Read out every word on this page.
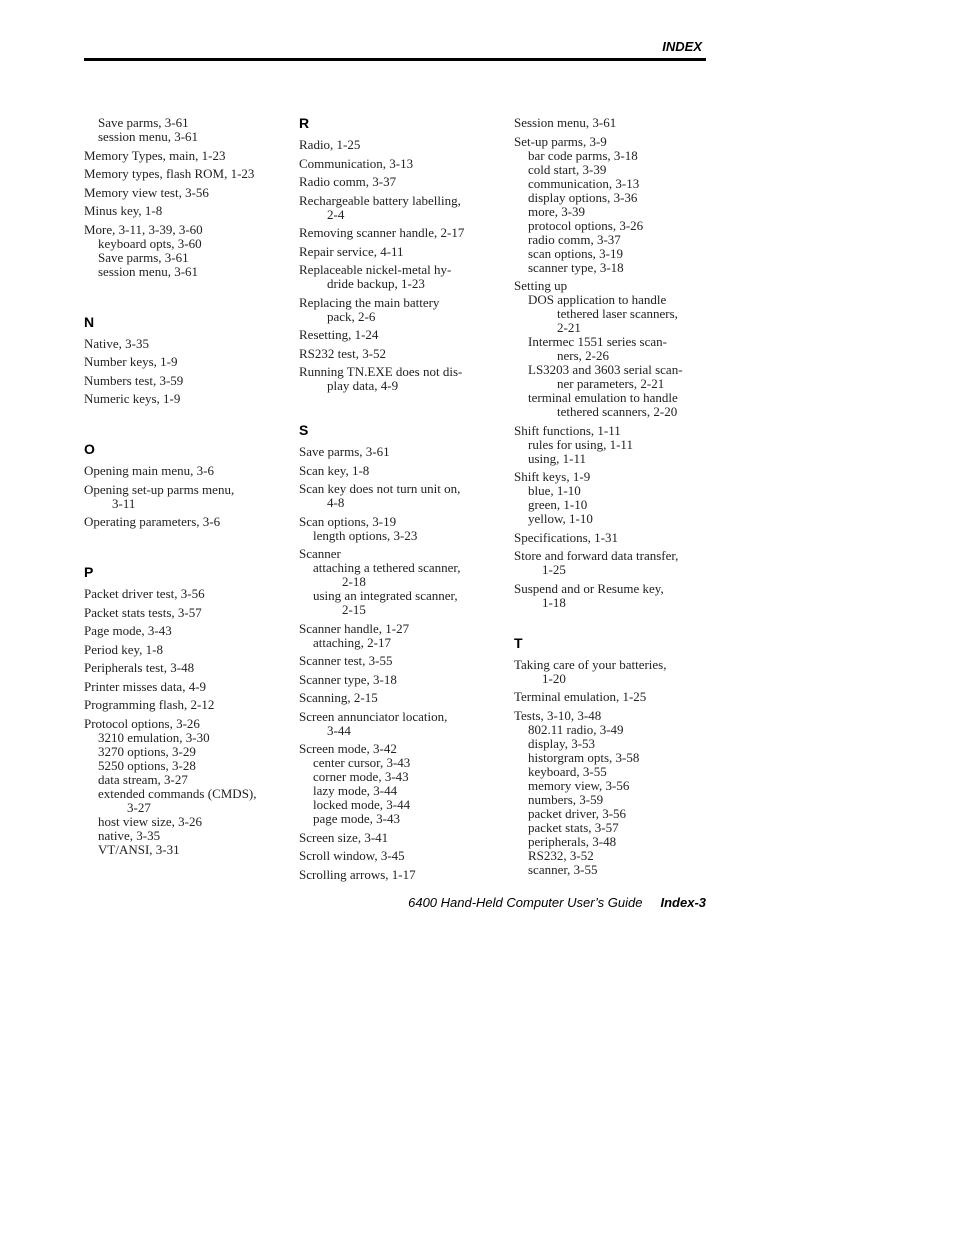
INDEX
Save parms, 3-61
session menu, 3-61
Memory Types, main, 1-23
Memory types, flash ROM, 1-23
Memory view test, 3-56
Minus key, 1-8
More, 3-11, 3-39, 3-60
keyboard opts, 3-60
Save parms, 3-61
session menu, 3-61
N
Native, 3-35
Number keys, 1-9
Numbers test, 3-59
Numeric keys, 1-9
O
Opening main menu, 3-6
Opening set-up parms menu,
3-11
Operating parameters, 3-6
P
Packet driver test, 3-56
Packet stats tests, 3-57
Page mode, 3-43
Period key, 1-8
Peripherals test, 3-48
Printer misses data, 4-9
Programming flash, 2-12
Protocol options, 3-26
3210 emulation, 3-30
3270 options, 3-29
5250 options, 3-28
data stream, 3-27
extended commands (CMDS),
3-27
host view size, 3-26
native, 3-35
VT/ANSI, 3-31
R
Radio, 1-25
Communication, 3-13
Radio comm, 3-37
Rechargeable battery labelling,
2-4
Removing scanner handle, 2-17
Repair service, 4-11
Replaceable nickel-metal hy-
dride backup, 1-23
Replacing the main battery
pack, 2-6
Resetting, 1-24
RS232 test, 3-52
Running TN.EXE does not dis-
play data, 4-9
S
Save parms, 3-61
Scan key, 1-8
Scan key does not turn unit on,
4-8
Scan options, 3-19
length options, 3-23
Scanner
attaching a tethered scanner,
2-18
using an integrated scanner,
2-15
Scanner handle, 1-27
attaching, 2-17
Scanner test, 3-55
Scanner type, 3-18
Scanning, 2-15
Screen annunciator location,
3-44
Screen mode, 3-42
center cursor, 3-43
corner mode, 3-43
lazy mode, 3-44
locked mode, 3-44
page mode, 3-43
Screen size, 3-41
Scroll window, 3-45
Scrolling arrows, 1-17
Session menu, 3-61
Set-up parms, 3-9
bar code parms, 3-18
cold start, 3-39
communication, 3-13
display options, 3-36
more, 3-39
protocol options, 3-26
radio comm, 3-37
scan options, 3-19
scanner type, 3-18
Setting up
DOS application to handle
tethered laser scanners,
2-21
Intermec 1551 series scan-
ners, 2-26
LS3203 and 3603 serial scan-
ner parameters, 2-21
terminal emulation to handle
tethered scanners, 2-20
Shift functions, 1-11
rules for using, 1-11
using, 1-11
Shift keys, 1-9
blue, 1-10
green, 1-10
yellow, 1-10
Specifications, 1-31
Store and forward data transfer,
1-25
Suspend and or Resume key,
1-18
T
Taking care of your batteries,
1-20
Terminal emulation, 1-25
Tests, 3-10, 3-48
802.11 radio, 3-49
display, 3-53
historgram opts, 3-58
keyboard, 3-55
memory view, 3-56
numbers, 3-59
packet driver, 3-56
packet stats, 3-57
peripherals, 3-48
RS232, 3-52
scanner, 3-55
6400 Hand-Held Computer User’s Guide Index-3
